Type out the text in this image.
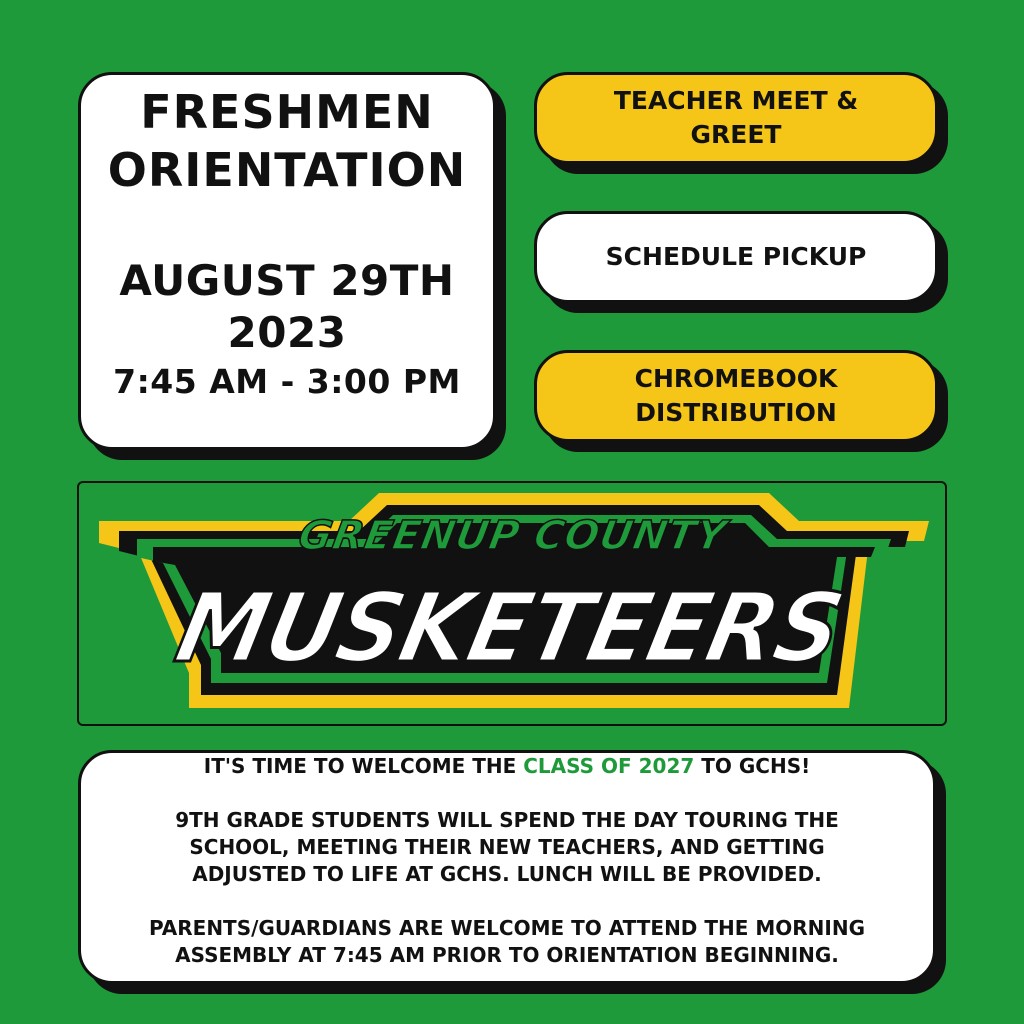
FRESHMEN
ORIENTATION
AUGUST 29TH
2023
7:45 AM - 3:00 PM
TEACHER MEET &
GREET
SCHEDULE PICKUP
CHROMEBOOK
DISTRIBUTION
GREENUP COUNTY
MUSKETEERS

IT'S TIME TO WELCOME THE CLASS OF 2027 TO GCHS!

9TH GRADE STUDENTS WILL SPEND THE DAY TOURING THE

SCHOOL, MEETING THEIR NEW TEACHERS, AND GETTING

ADJUSTED TO LIFE AT GCHS. LUNCH WILL BE PROVIDED.

PARENTS/GUARDIANS ARE WELCOME TO ATTEND THE MORNING

ASSEMBLY AT 7:45 AM PRIOR TO ORIENTATION BEGINNING.
